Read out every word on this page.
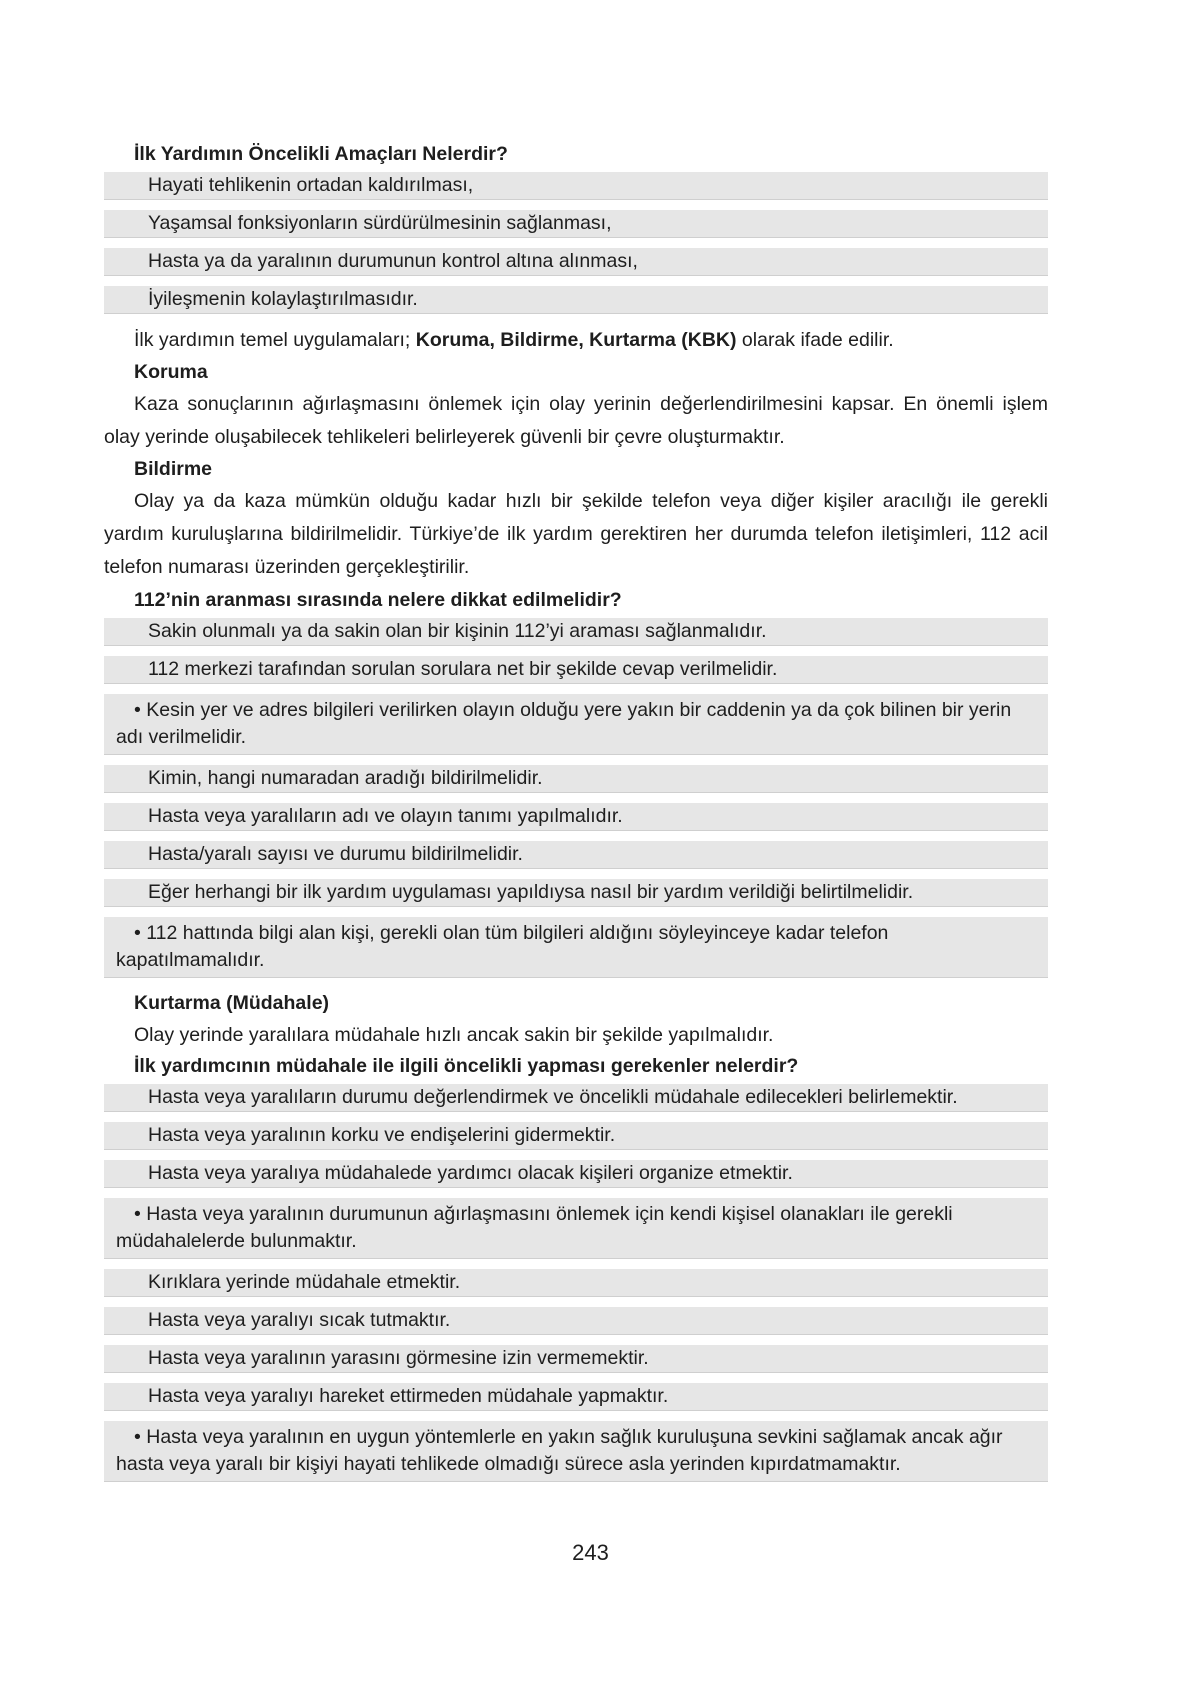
İlk Yardımın Öncelikli Amaçları Nelerdir?
Hayati tehlikenin ortadan kaldırılması,
Yaşamsal fonksiyonların sürdürülmesinin sağlanması,
Hasta ya da yaralının durumunun kontrol altına alınması,
İyileşmenin kolaylaştırılmasıdır.
İlk yardımın temel uygulamaları; Koruma, Bildirme, Kurtarma (KBK) olarak ifade edilir.
Koruma
Kaza sonuçlarının ağırlaşmasını önlemek için olay yerinin değerlendirilmesini kapsar. En önemli işlem olay yerinde oluşabilecek tehlikeleri belirleyerek güvenli bir çevre oluşturmaktır.
Bildirme
Olay ya da kaza mümkün olduğu kadar hızlı bir şekilde telefon veya diğer kişiler aracılığı ile gerekli yardım kuruluşlarına bildirilmelidir. Türkiye’de ilk yardım gerektiren her durumda telefon iletişimleri, 112 acil telefon numarası üzerinden gerçekleştirilir.
112’nin aranması sırasında nelere dikkat edilmelidir?
Sakin olunmalı ya da sakin olan bir kişinin 112’yi araması sağlanmalıdır.
112 merkezi tarafından sorulan sorulara net bir şekilde cevap verilmelidir.
• Kesin yer ve adres bilgileri verilirken olayın olduğu yere yakın bir caddenin ya da çok bilinen bir yerin adı verilmelidir.
Kimin, hangi numaradan aradığı bildirilmelidir.
Hasta veya yaralıların adı ve olayın tanımı yapılmalıdır.
Hasta/yaralı sayısı ve durumu bildirilmelidir.
Eğer herhangi bir ilk yardım uygulaması yapıldıysa nasıl bir yardım verildiği belirtilmelidir.
• 112 hattında bilgi alan kişi, gerekli olan tüm bilgileri aldığını söyleyinceye kadar telefon kapatılmamalıdır.
Kurtarma (Müdahale)
Olay yerinde yaralılara müdahale hızlı ancak sakin bir şekilde yapılmalıdır.
İlk yardımcının müdahale ile ilgili öncelikli yapması gerekenler nelerdir?
Hasta veya yaralıların durumu değerlendirmek ve öncelikli müdahale edilecekleri belirlemektir.
Hasta veya yaralının korku ve endişelerini gidermektir.
Hasta veya yaralıya müdahalede yardımcı olacak kişileri organize etmektir.
• Hasta veya yaralının durumunun ağırlaşmasını önlemek için kendi kişisel olanakları ile gerekli müdahalelerde bulunmaktır.
Kırıklara yerinde müdahale etmektir.
Hasta veya yaralıyı sıcak tutmaktır.
Hasta veya yaralının yarasını görmesine izin vermemektir.
Hasta veya yaralıyı hareket ettirmeden müdahale yapmaktır.
• Hasta veya yaralının en uygun yöntemlerle en yakın sağlık kuruluşuna sevkini sağlamak ancak ağır hasta veya yaralı bir kişiyi hayati tehlikede olmadığı sürece asla yerinden kıpırdatmamaktır.
243
